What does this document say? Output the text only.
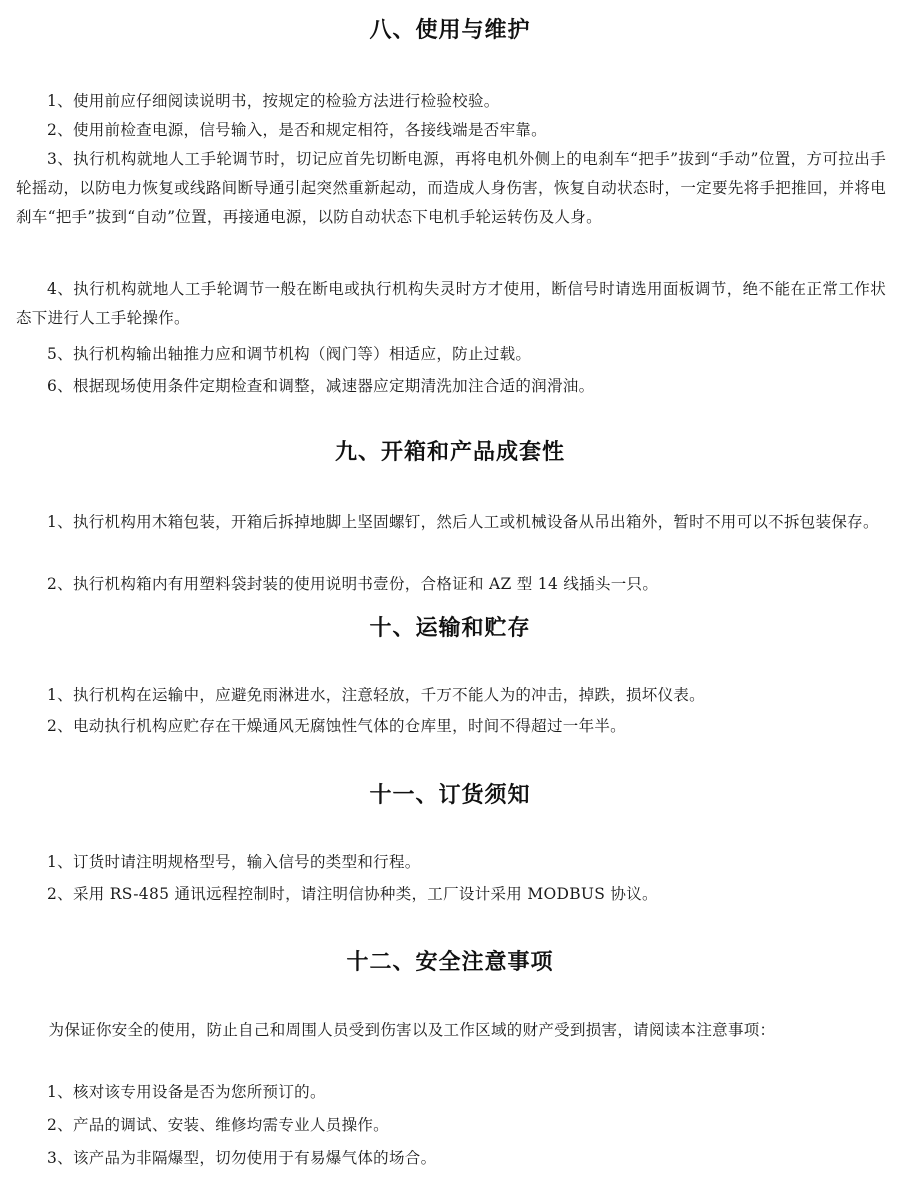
八、使用与维护

1、使用前应仔细阅读说明书，按规定的检验方法进行检验校验。

2、使用前检查电源，信号输入，是否和规定相符，各接线端是否牢靠。

3、执行机构就地人工手轮调节时，切记应首先切断电源，再将电机外侧上的电刹车“把手”拔到“手动”位置，方可拉出手轮摇动，以防电力恢复或线路间断导通引起突然重新起动，而造成人身伤害，恢复自动状态时，一定要先将手把推回，并将电刹车“把手”拔到“自动”位置，再接通电源，以防自动状态下电机手轮运转伤及人身。

4、执行机构就地人工手轮调节一般在断电或执行机构失灵时方才使用，断信号时请选用面板调节，绝不能在正常工作状态下进行人工手轮操作。

5、执行机构输出轴推力应和调节机构（阀门等）相适应，防止过载。

6、根据现场使用条件定期检查和调整，减速器应定期清洗加注合适的润滑油。

九、开箱和产品成套性

1、执行机构用木箱包装，开箱后拆掉地脚上坚固螺钉，然后人工或机械设备从吊出箱外，暂时不用可以不拆包装保存。

2、执行机构箱内有用塑料袋封装的使用说明书壹份，合格证和 AZ 型 14 线插头一只。

十、运输和贮存

1、执行机构在运输中，应避免雨淋进水，注意轻放，千万不能人为的冲击，掉跌，损坏仪表。

2、电动执行机构应贮存在干燥通风无腐蚀性气体的仓库里，时间不得超过一年半。

十一、订货须知

1、订货时请注明规格型号，输入信号的类型和行程。

2、采用 RS-485 通讯远程控制时，请注明信协种类，工厂设计采用 MODBUS 协议。

十二、安全注意事项

为保证你安全的使用，防止自己和周围人员受到伤害以及工作区域的财产受到损害，请阅读本注意事项：

1、核对该专用设备是否为您所预订的。

2、产品的调试、安装、维修均需专业人员操作。

3、该产品为非隔爆型，切勿使用于有易爆气体的场合。
